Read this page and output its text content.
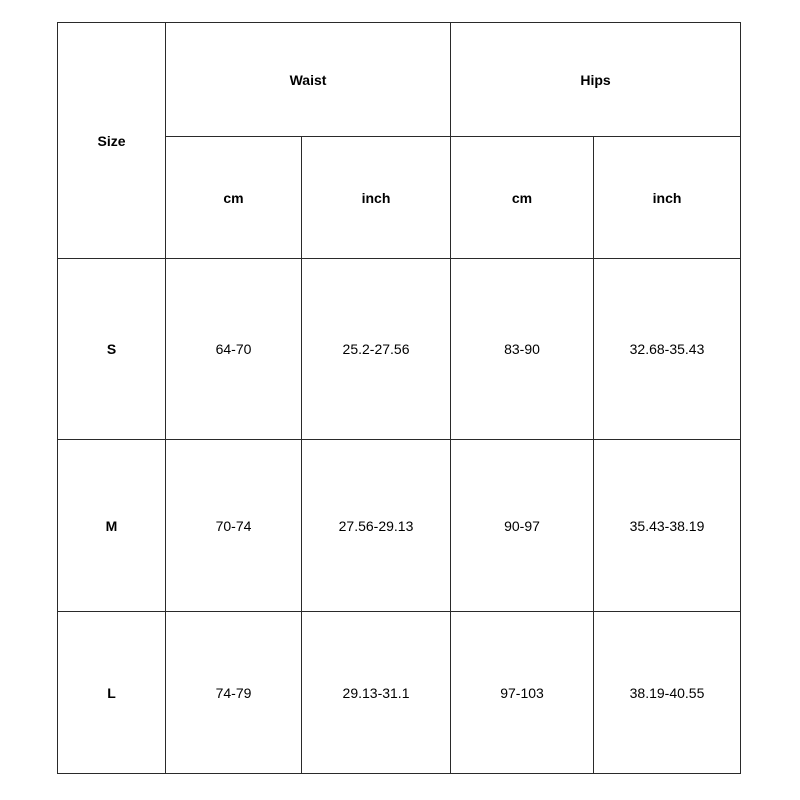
Size	Waist		Hips	
	cm	inch	cm	inch
S	64-70	25.2-27.56	83-90	32.68-35.43
M	70-74	27.56-29.13	90-97	35.43-38.19
L	74-79	29.13-31.1	97-103	38.19-40.55
